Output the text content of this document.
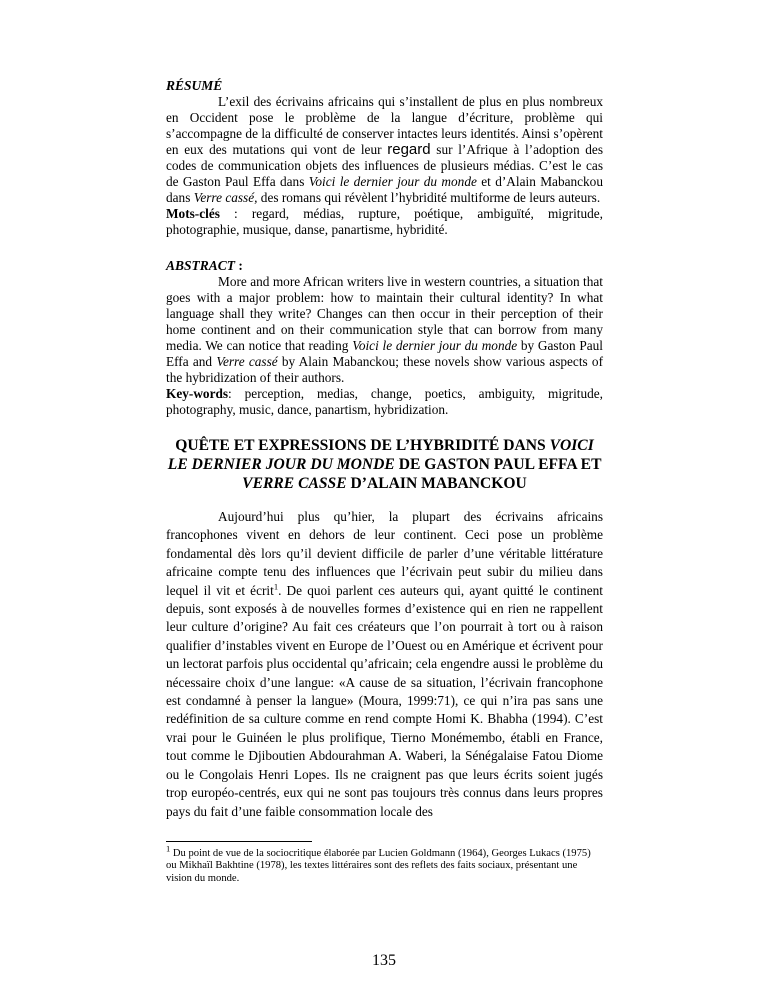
RÉSUMÉ

L’exil des écrivains africains qui s’installent de plus en plus nombreux en Occident pose le problème de la langue d’écriture, problème qui s’accompagne de la difficulté de conserver intactes leurs identités. Ainsi s’opèrent en eux des mutations qui vont de leur regard sur l’Afrique à l’adoption des codes de communication objets des influences de plusieurs médias. C’est le cas de Gaston Paul Effa dans Voici le dernier jour du monde et d’Alain Mabanckou dans Verre cassé, des romans qui révèlent l’hybridité multiforme de leurs auteurs.

Mots-clés : regard, médias, rupture, poétique, ambiguïté, migritude, photographie, musique, danse, panartisme, hybridité.

ABSTRACT :

More and more African writers live in western countries, a situation that goes with a major problem: how to maintain their cultural identity? In what language shall they write? Changes can then occur in their perception of their home continent and on their communication style that can borrow from many media. We can notice that reading Voici le dernier jour du monde by Gaston Paul Effa and Verre cassé by Alain Mabanckou; these novels show various aspects of the hybridization of their authors.

Key-words: perception, medias, change, poetics, ambiguity, migritude, photography, music, dance, panartism, hybridization.

QUÊTE ET EXPRESSIONS DE L’HYBRIDITÉ DANS VOICI LE DERNIER JOUR DU MONDE DE GASTON PAUL EFFA ET VERRE CASSE D’ALAIN MABANCKOU

Aujourd’hui plus qu’hier, la plupart des écrivains africains francophones vivent en dehors de leur continent. Ceci pose un problème fondamental dès lors qu’il devient difficile de parler d’une véritable littérature africaine compte tenu des influences que l’écrivain peut subir du milieu dans lequel il vit et écrit$^1$. De quoi parlent ces auteurs qui, ayant quitté le continent depuis, sont exposés à de nouvelles formes d’existence qui en rien ne rappellent leur culture d’origine? Au fait ces créateurs que l’on pourrait à tort ou à raison qualifier d’instables vivent en Europe de l’Ouest ou en Amérique et écrivent pour un lectorat parfois plus occidental qu’africain; cela engendre aussi le problème du nécessaire choix d’une langue: «A cause de sa situation, l’écrivain francophone est condamné à penser la langue» (Moura, 1999:71), ce qui n’ira pas sans une redéfinition de sa culture comme en rend compte Homi K. Bhabha (1994). C’est vrai pour le Guinéen le plus prolifique, Tierno Monémembo, établi en France, tout comme le Djiboutien Abdourahman A. Waberi, la Sénégalaise Fatou Diome ou le Congolais Henri Lopes. Ils ne craignent pas que leurs écrits soient jugés trop européo-centrés, eux qui ne sont pas toujours très connus dans leurs propres pays du fait d’une faible consommation locale des

$^1$ Du point de vue de la sociocritique élaborée par Lucien Goldmann (1964), Georges Lukacs (1975) ou Mikhaïl Bakhtine (1978), les textes littéraires sont des reflets des faits sociaux, présentant une vision du monde.

135
